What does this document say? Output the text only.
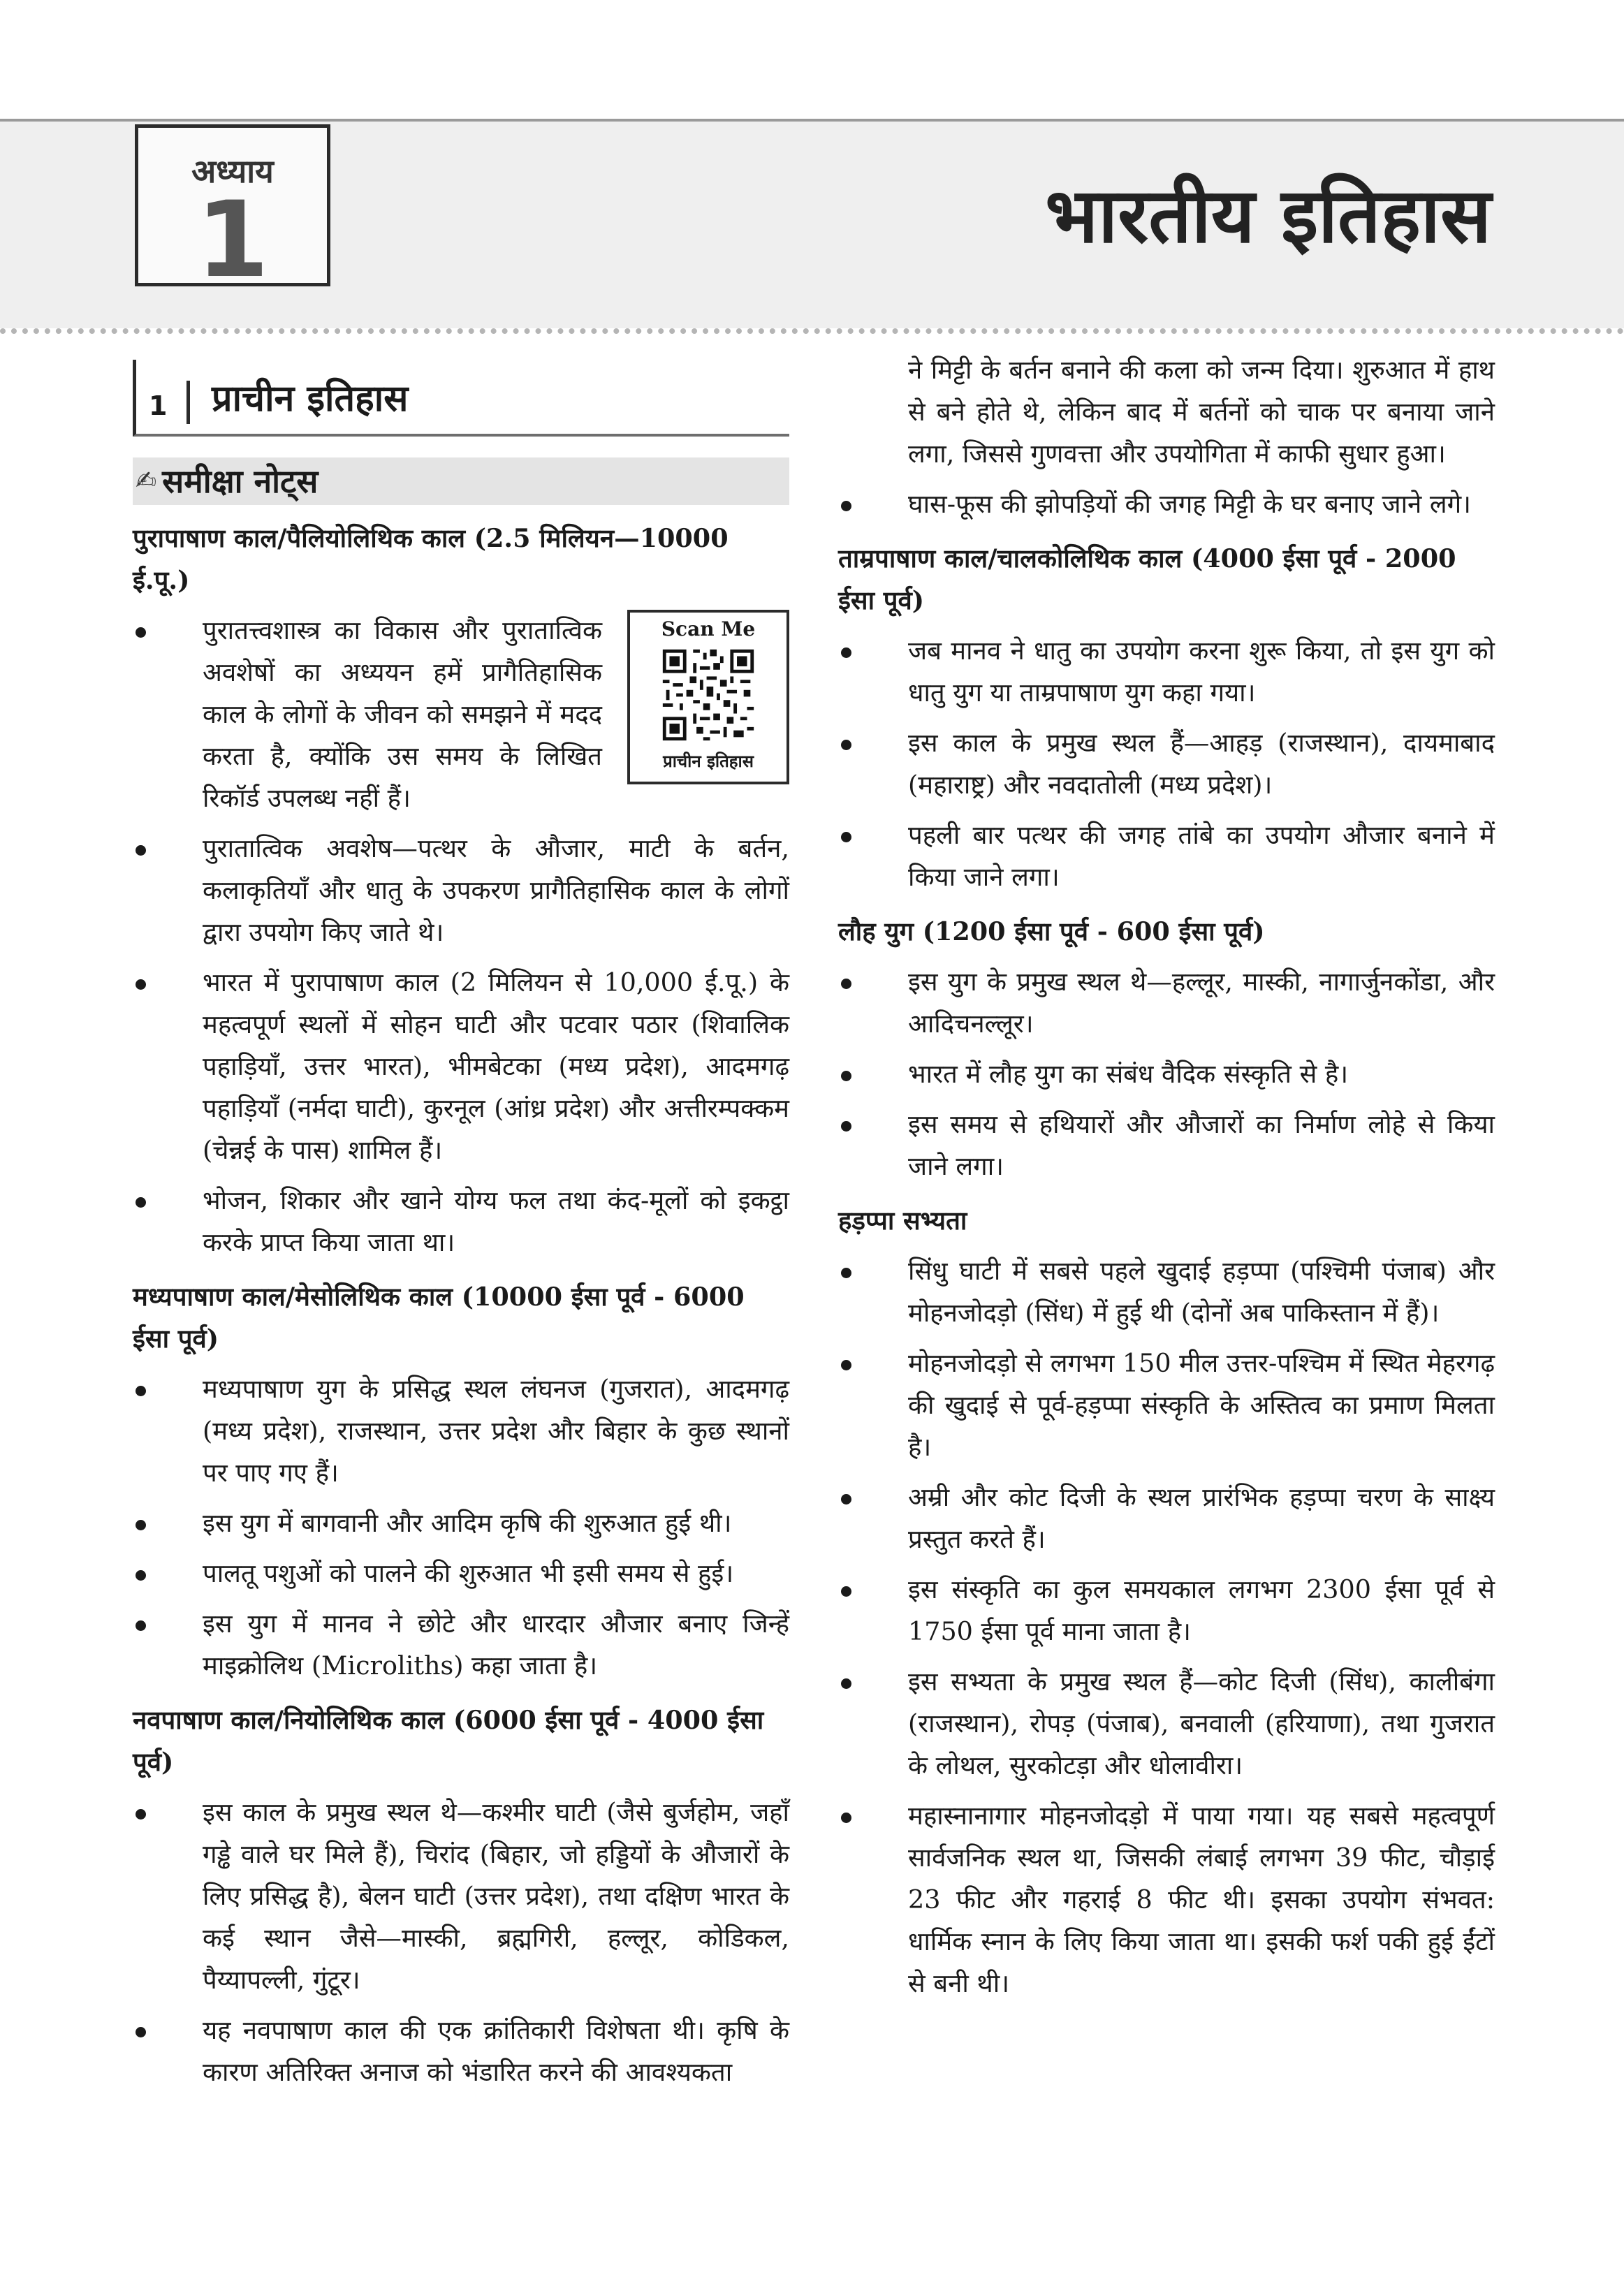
अध्याय
1	भारतीय इतिहास
1 प्राचीन इतिहास
✍ समीक्षा नोट्स
पुरापाषाण काल/पैलियोलिथिक काल (2.5 मिलियन—10000 ई.पू.)
पुरातत्त्वशास्त्र का विकास और पुरातात्विक अवशेषों का अध्ययन हमें प्रागैतिहासिक काल के लोगों के जीवन को समझने में मदद करता है, क्योंकि उस समय के लिखित रिकॉर्ड उपलब्ध नहीं हैं।
Scan Me
प्राचीन इतिहास
पुरातात्विक अवशेष—पत्थर के औजार, माटी के बर्तन, कलाकृतियाँ और धातु के उपकरण प्रागैतिहासिक काल के लोगों द्वारा उपयोग किए जाते थे।
भारत में पुरापाषाण काल (2 मिलियन से 10,000 ई.पू.) के महत्वपूर्ण स्थलों में सोहन घाटी और पटवार पठार (शिवालिक पहाड़ियाँ, उत्तर भारत), भीमबेटका (मध्य प्रदेश), आदमगढ़ पहाड़ियाँ (नर्मदा घाटी), कुरनूल (आंध्र प्रदेश) और अत्तीरम्पक्कम (चेन्नई के पास) शामिल हैं।
भोजन, शिकार और खाने योग्य फल तथा कंद-मूलों को इकट्ठा करके प्राप्त किया जाता था।
मध्यपाषाण काल/मेसोलिथिक काल (10000 ईसा पूर्व - 6000 ईसा पूर्व)
मध्यपाषाण युग के प्रसिद्ध स्थल लंघनज (गुजरात), आदमगढ़ (मध्य प्रदेश), राजस्थान, उत्तर प्रदेश और बिहार के कुछ स्थानों पर पाए गए हैं।
इस युग में बागवानी और आदिम कृषि की शुरुआत हुई थी।
पालतू पशुओं को पालने की शुरुआत भी इसी समय से हुई।
इस युग में मानव ने छोटे और धारदार औजार बनाए जिन्हें माइक्रोलिथ (Microliths) कहा जाता है।
नवपाषाण काल/नियोलिथिक काल (6000 ईसा पूर्व - 4000 ईसा पूर्व)
इस काल के प्रमुख स्थल थे—कश्मीर घाटी (जैसे बुर्जहोम, जहाँ गड्ढे वाले घर मिले हैं), चिरांद (बिहार, जो हड्डियों के औजारों के लिए प्रसिद्ध है), बेलन घाटी (उत्तर प्रदेश), तथा दक्षिण भारत के कई स्थान जैसे—मास्की, ब्रह्मगिरी, हल्लूर, कोडिकल, पैय्यापल्ली, गुंटूर।
यह नवपाषाण काल की एक क्रांतिकारी विशेषता थी। कृषि के कारण अतिरिक्त अनाज को भंडारित करने की आवश्यकता

ने मिट्टी के बर्तन बनाने की कला को जन्म दिया। शुरुआत में हाथ से बने होते थे, लेकिन बाद में बर्तनों को चाक पर बनाया जाने लगा, जिससे गुणवत्ता और उपयोगिता में काफी सुधार हुआ।

घास-फूस की झोपड़ियों की जगह मिट्टी के घर बनाए जाने लगे।
ताम्रपाषाण काल/चालकोलिथिक काल (4000 ईसा पूर्व - 2000 ईसा पूर्व)
जब मानव ने धातु का उपयोग करना शुरू किया, तो इस युग को धातु युग या ताम्रपाषाण युग कहा गया।
इस काल के प्रमुख स्थल हैं—आहड़ (राजस्थान), दायमाबाद (महाराष्ट्र) और नवदातोली (मध्य प्रदेश)।
पहली बार पत्थर की जगह तांबे का उपयोग औजार बनाने में किया जाने लगा।
लौह युग (1200 ईसा पूर्व - 600 ईसा पूर्व)
इस युग के प्रमुख स्थल थे—हल्लूर, मास्की, नागार्जुनकोंडा, और आदिचनल्लूर।
भारत में लौह युग का संबंध वैदिक संस्कृति से है।
इस समय से हथियारों और औजारों का निर्माण लोहे से किया जाने लगा।
हड़प्पा सभ्यता
सिंधु घाटी में सबसे पहले खुदाई हड़प्पा (पश्चिमी पंजाब) और मोहनजोदड़ो (सिंध) में हुई थी (दोनों अब पाकिस्तान में हैं)।
मोहनजोदड़ो से लगभग 150 मील उत्तर-पश्चिम में स्थित मेहरगढ़ की खुदाई से पूर्व-हड़प्पा संस्कृति के अस्तित्व का प्रमाण मिलता है।
अम्री और कोट दिजी के स्थल प्रारंभिक हड़प्पा चरण के साक्ष्य प्रस्तुत करते हैं।
इस संस्कृति का कुल समयकाल लगभग 2300 ईसा पूर्व से 1750 ईसा पूर्व माना जाता है।
इस सभ्यता के प्रमुख स्थल हैं—कोट दिजी (सिंध), कालीबंगा (राजस्थान), रोपड़ (पंजाब), बनवाली (हरियाणा), तथा गुजरात के लोथल, सुरकोटड़ा और धोलावीरा।
महास्नानागार मोहनजोदड़ो में पाया गया। यह सबसे महत्वपूर्ण सार्वजनिक स्थल था, जिसकी लंबाई लगभग 39 फीट, चौड़ाई 23 फीट और गहराई 8 फीट थी। इसका उपयोग संभवत: धार्मिक स्नान के लिए किया जाता था। इसकी फर्श पकी हुई ईंटों से बनी थी।
